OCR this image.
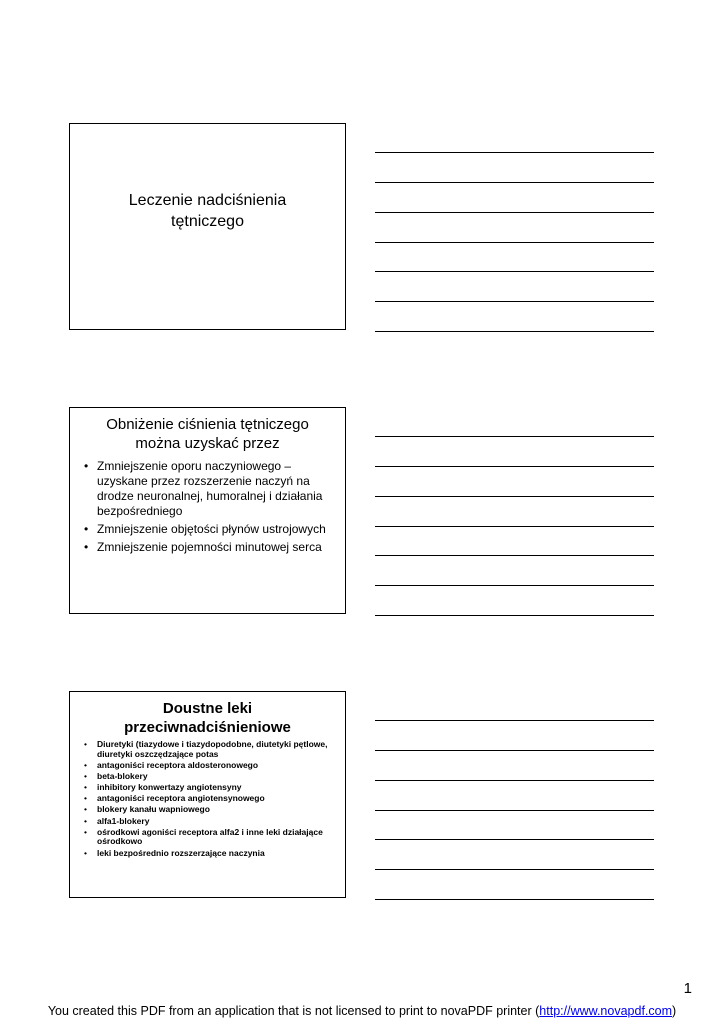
Leczenie nadciśnienia
tętniczego
Obniżenie ciśnienia tętniczego
można uzyskać przez
• Zmniejszenie oporu naczyniowego – uzyskane przez rozszerzenie naczyń na drodze neuronalnej, humoralnej i działania bezpośredniego
• Zmniejszenie objętości płynów ustrojowych
• Zmniejszenie pojemności minutowej serca
Doustne leki
przeciwnadciśnieniowe
• Diuretyki (tiazydowe i tiazydopodobne, diutetyki pętlowe, diuretyki oszczędzające potas
• antagoniści receptora aldosteronowego
• beta-blokery
• inhibitory konwertazy angiotensyny
• antagoniści receptora angiotensynowego
• blokery kanału wapniowego
• alfa1-blokery
• ośrodkowi agoniści receptora alfa2 i inne leki działające ośrodkowo
• leki bezpośrednio rozszerzające naczynia
1
You created this PDF from an application that is not licensed to print to novaPDF printer (http://www.novapdf.com)
